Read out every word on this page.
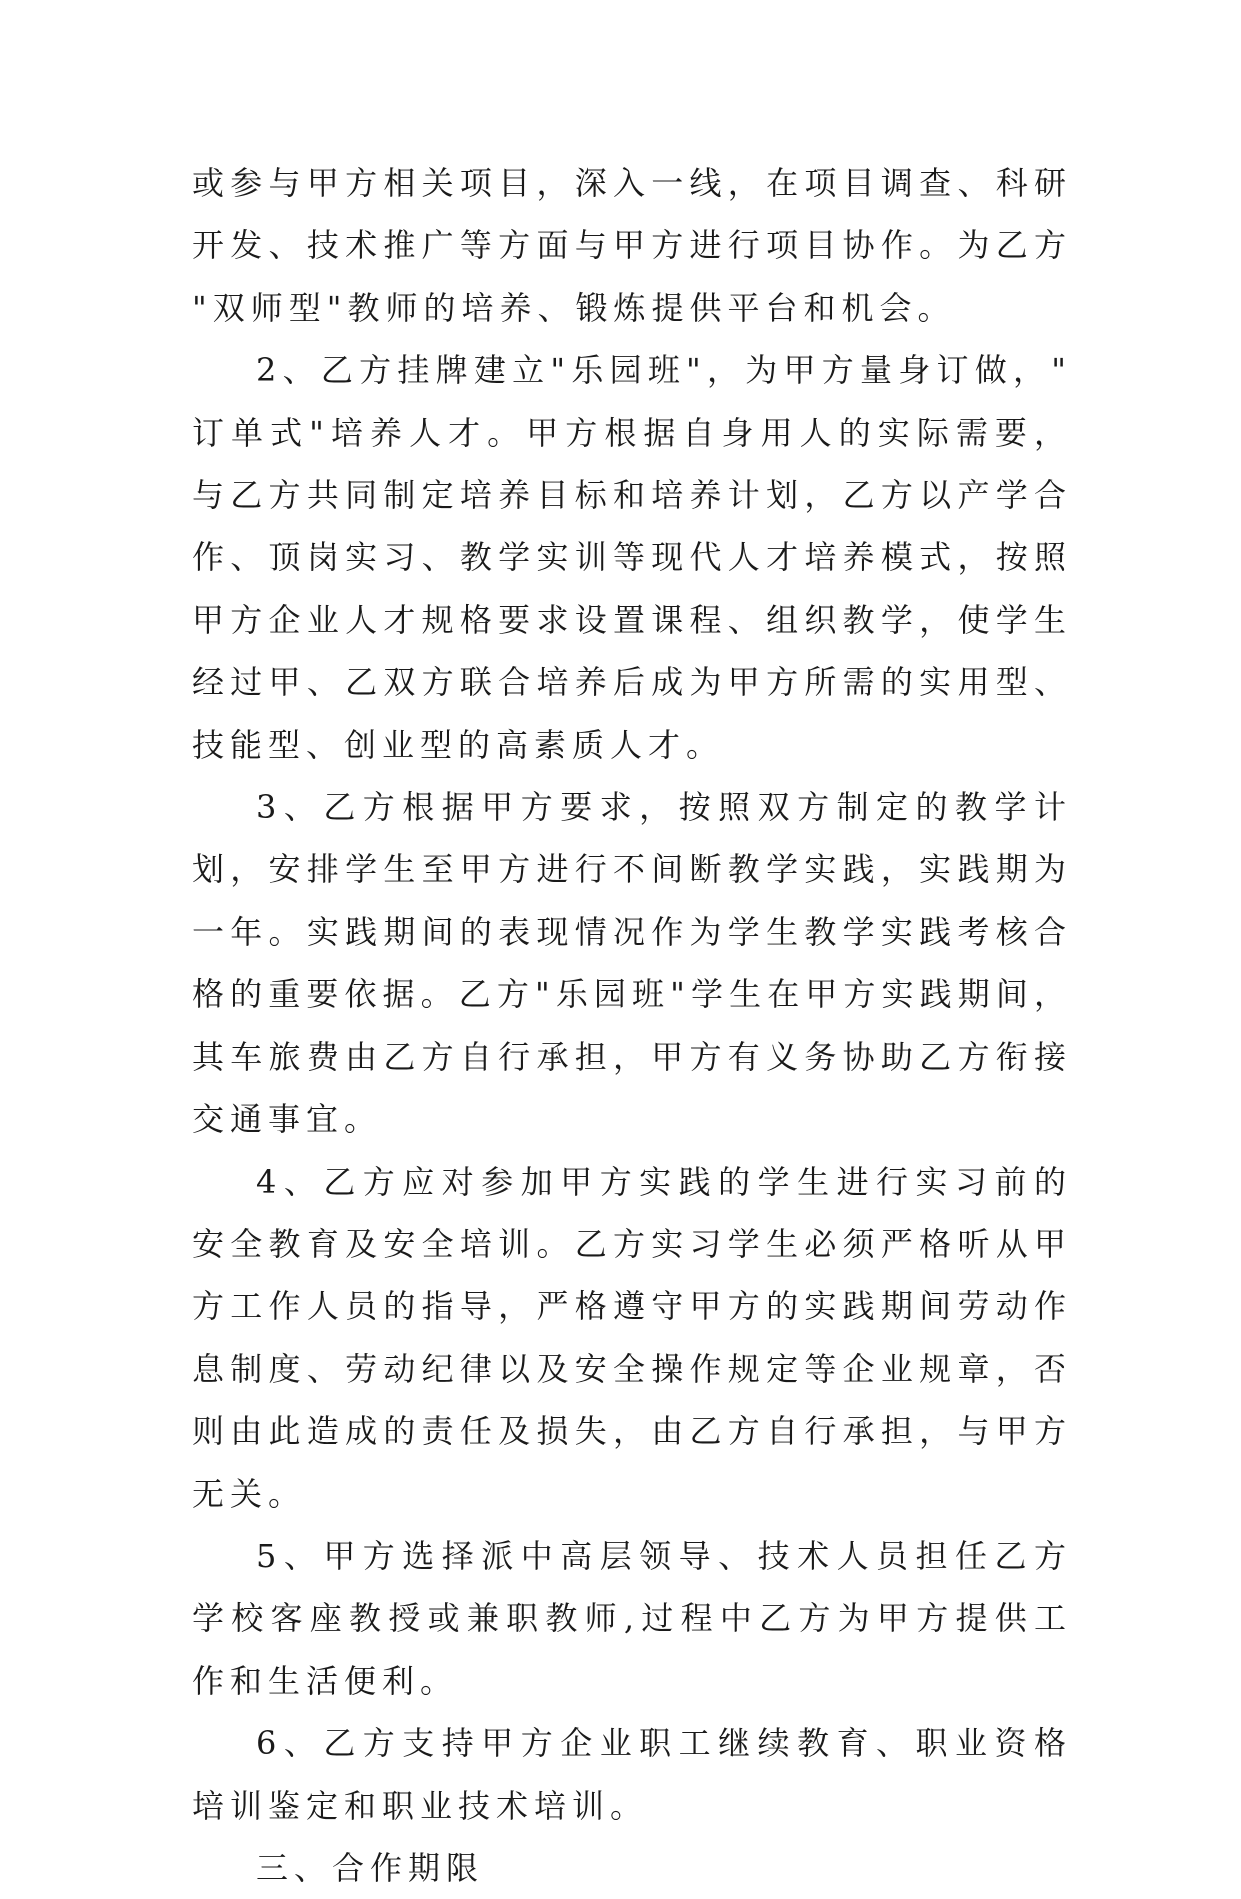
或参与甲方相关项目，深入一线，在项目调查、科研开发、技术推广等方面与甲方进行项目协作。为乙方"双师型"教师的培养、锻炼提供平台和机会。

2、乙方挂牌建立"乐园班"，为甲方量身订做，"订单式"培养人才。甲方根据自身用人的实际需要，与乙方共同制定培养目标和培养计划，乙方以产学合作、顶岗实习、教学实训等现代人才培养模式，按照甲方企业人才规格要求设置课程、组织教学，使学生经过甲、乙双方联合培养后成为甲方所需的实用型、技能型、创业型的高素质人才。

3、乙方根据甲方要求，按照双方制定的教学计划，安排学生至甲方进行不间断教学实践，实践期为一年。实践期间的表现情况作为学生教学实践考核合格的重要依据。乙方"乐园班"学生在甲方实践期间，其车旅费由乙方自行承担，甲方有义务协助乙方衔接交通事宜。

4、乙方应对参加甲方实践的学生进行实习前的安全教育及安全培训。乙方实习学生必须严格听从甲方工作人员的指导，严格遵守甲方的实践期间劳动作息制度、劳动纪律以及安全操作规定等企业规章，否则由此造成的责任及损失，由乙方自行承担，与甲方无关。

5、甲方选择派中高层领导、技术人员担任乙方学校客座教授或兼职教师,过程中乙方为甲方提供工作和生活便利。

6、乙方支持甲方企业职工继续教育、职业资格培训鉴定和职业技术培训。

三、合作期限
